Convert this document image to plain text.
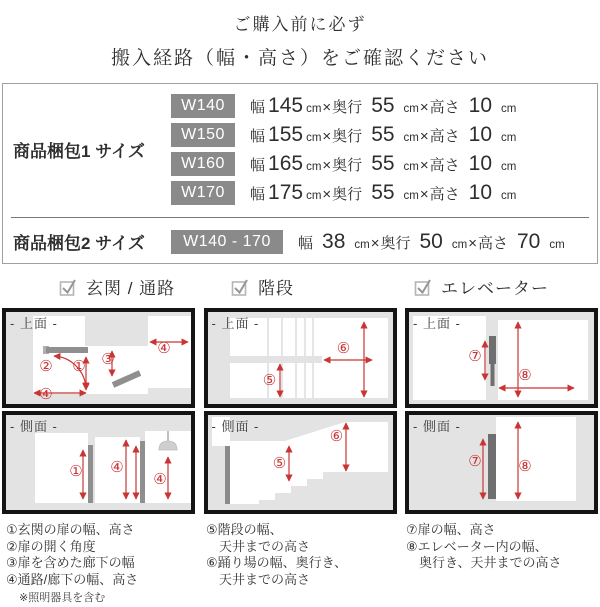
ご購入前に必ず
搬入経路（幅・高さ）をご確認ください
商品梱包1 サイズ
W140	幅 145 cm × 奥行 55 cm × 高さ 10 cm
W150	幅 155 cm × 奥行 55 cm × 高さ 10 cm
W160	幅 165 cm × 奥行 55 cm × 高さ 10 cm
W170	幅 175 cm × 奥行 55 cm × 高さ 10 cm
商品梱包2 サイズ	W140 - 170	幅 38 cm × 奥行 50 cm × 高さ 70 cm
玄関 / 通路	階段	エレベーター
- 上面 -
①
②	③
④
④
- 側面 -
① ④
④
- 上面 -
⑤
⑥
- 側面 -
⑤
⑥
- 上面 -
⑦
⑧
- 側面 -
⑦ ⑧
①玄関の扉の幅、高さ
②扉の開く角度
③扉を含めた廊下の幅
④通路/廊下の幅、高さ
※照明器具を含む
⑤階段の幅、
天井までの高さ
⑥踊り場の幅、奥行き、
天井までの高さ
⑦扉の幅、高さ
⑧エレベーター内の幅、
奥行き、天井までの高さ
